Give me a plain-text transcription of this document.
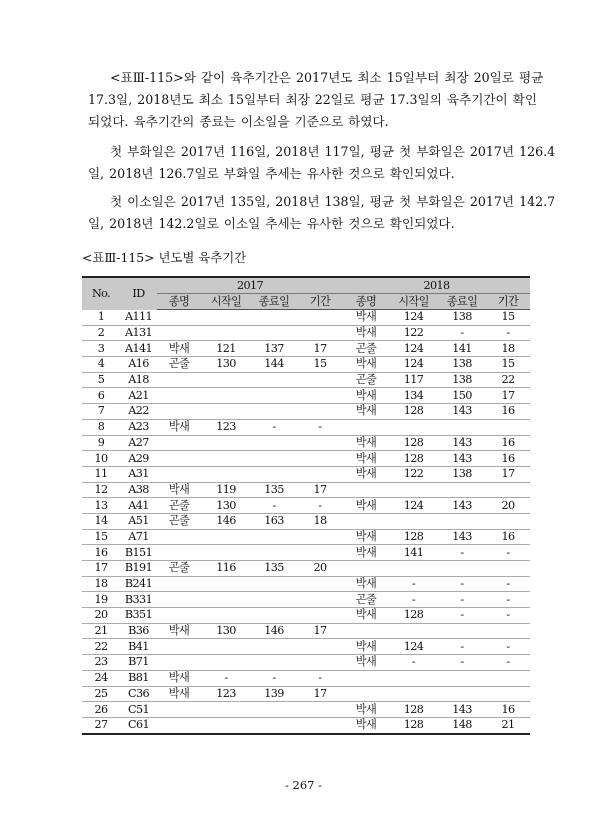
<표Ⅲ-115>와 같이 육추기간은 2017년도 최소 15일부터 최장 20일로 평균
17.3일, 2018년도 최소 15일부터 최장 22일로 평균 17.3일의 육추기간이 확인
되었다. 육추기간의 종료는 이소일을 기준으로 하였다.
첫 부화일은 2017년 116일, 2018년 117일, 평균 첫 부화일은 2017년 126.4
일, 2018년 126.7일로 부화일 추세는 유사한 것으로 확인되었다.
첫 이소일은 2017년 135일, 2018년 138일, 평균 첫 부화일은 2017년 142.7
일, 2018년 142.2일로 이소일 추세는 유사한 것으로 확인되었다.
<표Ⅲ-115> 년도별 육추기간
No.	ID	2017				2018			
		종명	시작일	종료일	기간	종명	시작일	종료일	기간
1	A111					박새	124	138	15
2	A131					박새	122	-	-
3	A141	박새	121	137	17	곤줄	124	141	18
4	A16	곤줄	130	144	15	박새	124	138	15
5	A18					곤줄	117	138	22
6	A21					박새	134	150	17
7	A22					박새	128	143	16
8	A23	박새	123	-	-				
9	A27					박새	128	143	16
10	A29					박새	128	143	16
11	A31					박새	122	138	17
12	A38	박새	119	135	17				
13	A41	곤줄	130	-	-	박새	124	143	20
14	A51	곤줄	146	163	18				
15	A71					박새	128	143	16
16	B151					박새	141	-	-
17	B191	곤줄	116	135	20				
18	B241					박새	-	-	-
19	B331					곤줄	-	-	-
20	B351					박새	128	-	-
21	B36	박새	130	146	17				
22	B41					박새	124	-	-
23	B71					박새	-	-	-
24	B81	박새	-	-	-				
25	C36	박새	123	139	17				
26	C51					박새	128	143	16
27	C61					박새	128	148	21
- 267 -
